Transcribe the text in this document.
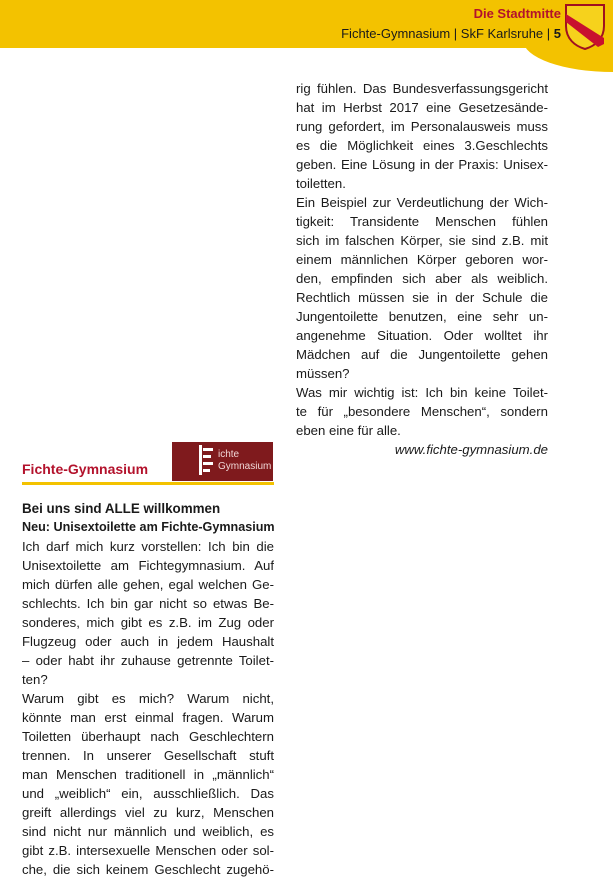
Die Stadtmitte
Fichte-Gymnasium | SkF Karlsruhe | 5

rig fühlen. Das Bundesverfassungsgericht
hat im Herbst 2017 eine Gesetzesände-
rung gefordert, im Personalausweis muss
es die Möglichkeit eines 3.Geschlechts
geben. Eine Lösung in der Praxis: Unisex-
toiletten.

Ein Beispiel zur Verdeutlichung der Wich-
tigkeit: Transidente Menschen fühlen
sich im falschen Körper, sie sind z.B. mit
einem männlichen Körper geboren wor-
den, empfinden sich aber als weiblich.
Rechtlich müssen sie in der Schule die
Jungentoilette benutzen, eine sehr un-
angenehme Situation. Oder wolltet ihr
Mädchen auf die Jungentoilette gehen
müssen?

Was mir wichtig ist: Ich bin keine Toilet-
te für „besondere Menschen“, sondern
eben eine für alle.

www.fichte-gymnasium.de

Fichte-Gymnasium
ichte
Gymnasium

Bei uns sind ALLE willkommen

Neu: Unisextoilette am Fichte-Gymnasium

Ich darf mich kurz vorstellen: Ich bin die
Unisextoilette am Fichtegymnasium. Auf
mich dürfen alle gehen, egal welchen Ge-
schlechts. Ich bin gar nicht so etwas Be-
sonderes, mich gibt es z.B. im Zug oder
Flugzeug oder auch in jedem Haushalt
– oder habt ihr zuhause getrennte Toilet-
ten?

Warum gibt es mich? Warum nicht,
könnte man erst einmal fragen. Warum
Toiletten überhaupt nach Geschlechtern
trennen. In unserer Gesellschaft stuft
man Menschen traditionell in „männlich“
und „weiblich“ ein, ausschließlich. Das
greift allerdings viel zu kurz, Menschen
sind nicht nur männlich und weiblich, es
gibt z.B. intersexuelle Menschen oder sol-
che, die sich keinem Geschlecht zugehö-
